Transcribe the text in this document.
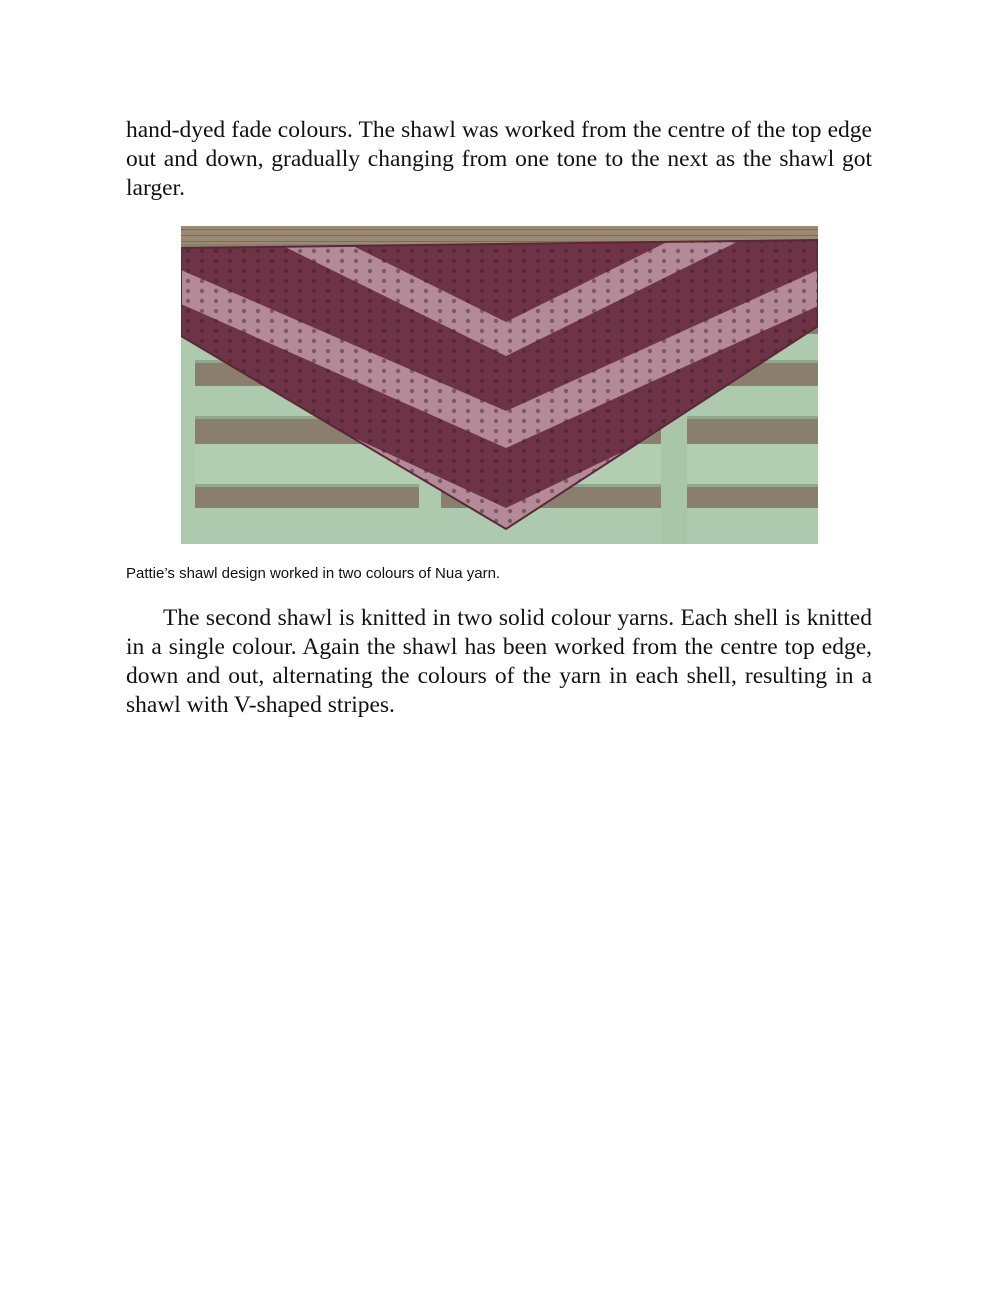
hand-dyed fade colours. The shawl was worked from the centre of the top edge out and down, gradually changing from one tone to the next as the shawl got larger.

Pattie’s shawl design worked in two colours of Nua yarn.

The second shawl is knitted in two solid colour yarns. Each shell is knitted in a single colour. Again the shawl has been worked from the centre top edge, down and out, alternating the colours of the yarn in each shell, resulting in a shawl with V-shaped stripes.
